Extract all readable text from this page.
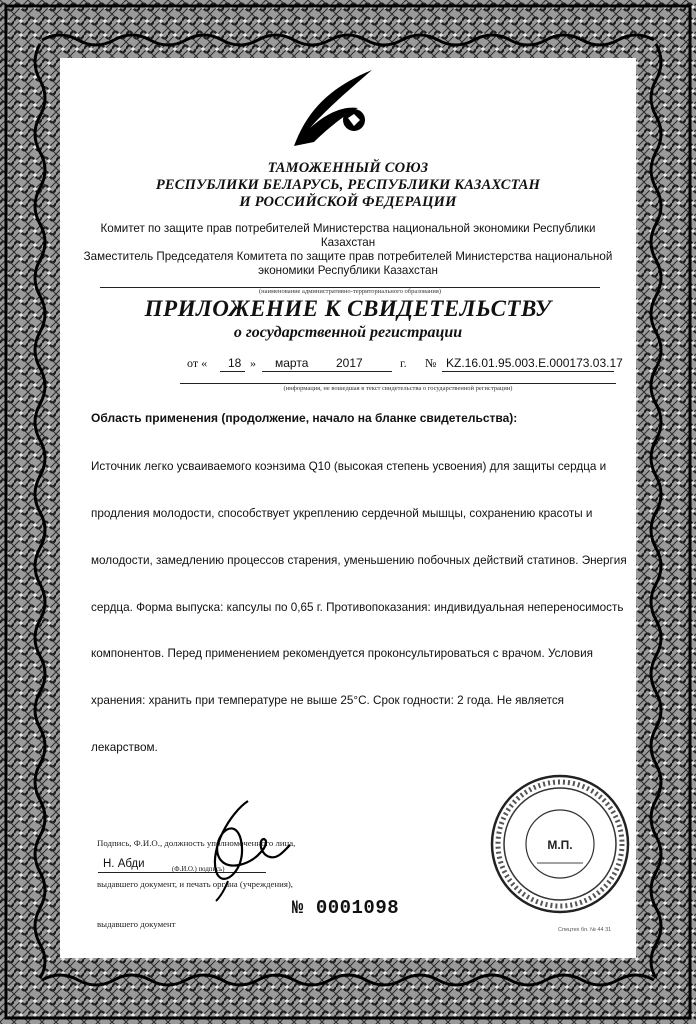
ТАМОЖЕННЫЙ СОЮЗ
РЕСПУБЛИКИ БЕЛАРУСЬ, РЕСПУБЛИКИ КАЗАХСТАН
И РОССИЙСКОЙ ФЕДЕРАЦИИ
Комитет по защите прав потребителей Министерства национальной экономики Республики
Казахстан
Заместитель Председателя Комитета по защите прав потребителей Министерства национальной
экономики Республики Казахстан
(наименование административно-территориального образования)
ПРИЛОЖЕНИЕ К СВИДЕТЕЛЬСТВУ
о государственной регистрации
от « 18 » марта 2017	г. № KZ.16.01.95.003.E.000173.03.17
(информация, не вошедшая в текст свидетельства о государственной регистрации)
Область применения (продолжение, начало на бланке свидетельства):

Источник легко усваиваемого коэнзима Q10 (высокая степень усвоения) для защиты сердца и

продления молодости, способствует укреплению сердечной мышцы, сохранению красоты и

молодости, замедлению процессов старения, уменьшению побочных действий статинов. Энергия

сердца. Форма выпуска: капсулы по 0,65 г. Противопоказания: индивидуальная непереносимость

компонентов. Перед применением рекомендуется проконсультироваться с врачом. Условия

хранения: хранить при температуре не выше 25°С. Срок годности: 2 года. Не является

лекарством.

Подпись, Ф.И.О., должность уполномоченного лица,

выдавшего документ, и печать органа (учреждения),

выдавшего документ

Н. Абди	(Ф.И.О.) подпись)
М.П.
№ 0001098
Спецтех бл. № 44 31
